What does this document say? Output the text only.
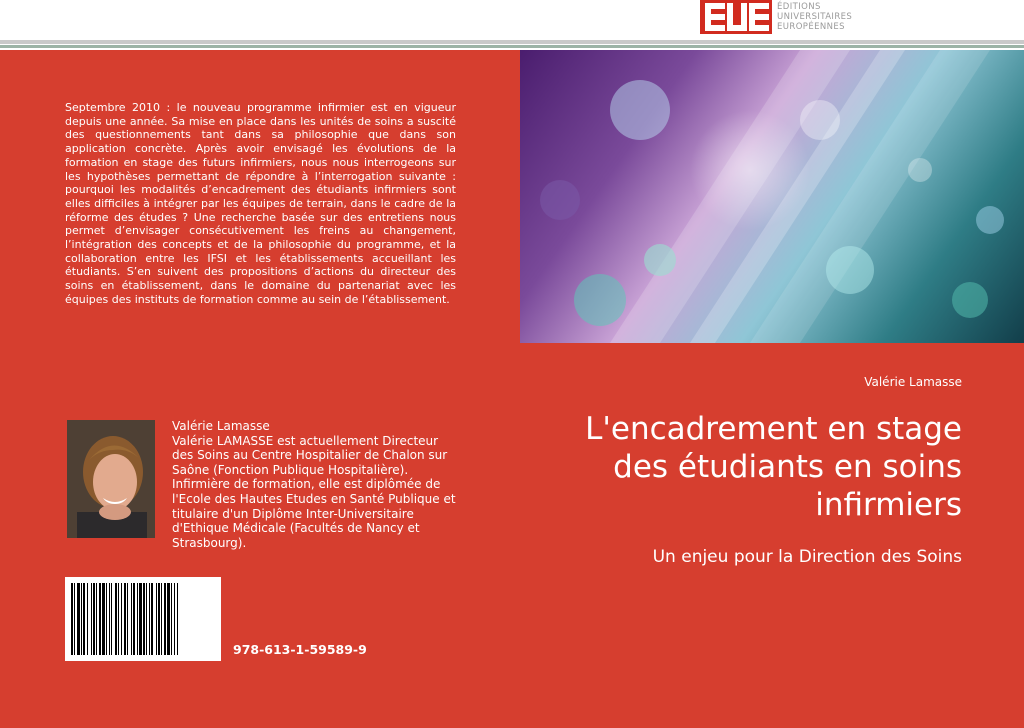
ÉDITIONS
UNIVERSITAIRES
EUROPÉENNES
Septembre 2010 : le nouveau programme infirmier est en vigueur depuis une année. Sa mise en place dans les unités de soins a suscité des questionnements tant dans sa philosophie que dans son application concrète. Après avoir envisagé les évolutions de la formation en stage des futurs infirmiers, nous nous interrogeons sur les hypothèses permettant de répondre à l’interrogation suivante : pourquoi les modalités d’encadrement des étudiants infirmiers sont elles difficiles à intégrer par les équipes de terrain, dans le cadre de la réforme des études ? Une recherche basée sur des entretiens nous permet d’envisager consécutivement les freins au changement, l’intégration des concepts et de la philosophie du programme, et la collaboration entre les IFSI et les établissements accueillant les étudiants. S’en suivent des propositions d’actions du directeur des soins en établissement, dans le domaine du partenariat avec les équipes des instituts de formation comme au sein de l’établissement.
Valérie Lamasse
Valérie Lamasse
Valérie LAMASSE est actuellement Directeur des Soins au Centre Hospitalier de Chalon sur Saône (Fonction Publique Hospitalière). Infirmière de formation, elle est diplômée de l'Ecole des Hautes Etudes en Santé Publique et titulaire d'un Diplôme Inter-Universitaire d'Ethique Médicale (Facultés de Nancy et Strasbourg).
L'encadrement en stage des étudiants en soins infirmiers
Un enjeu pour la Direction des Soins
978-613-1-59589-9
